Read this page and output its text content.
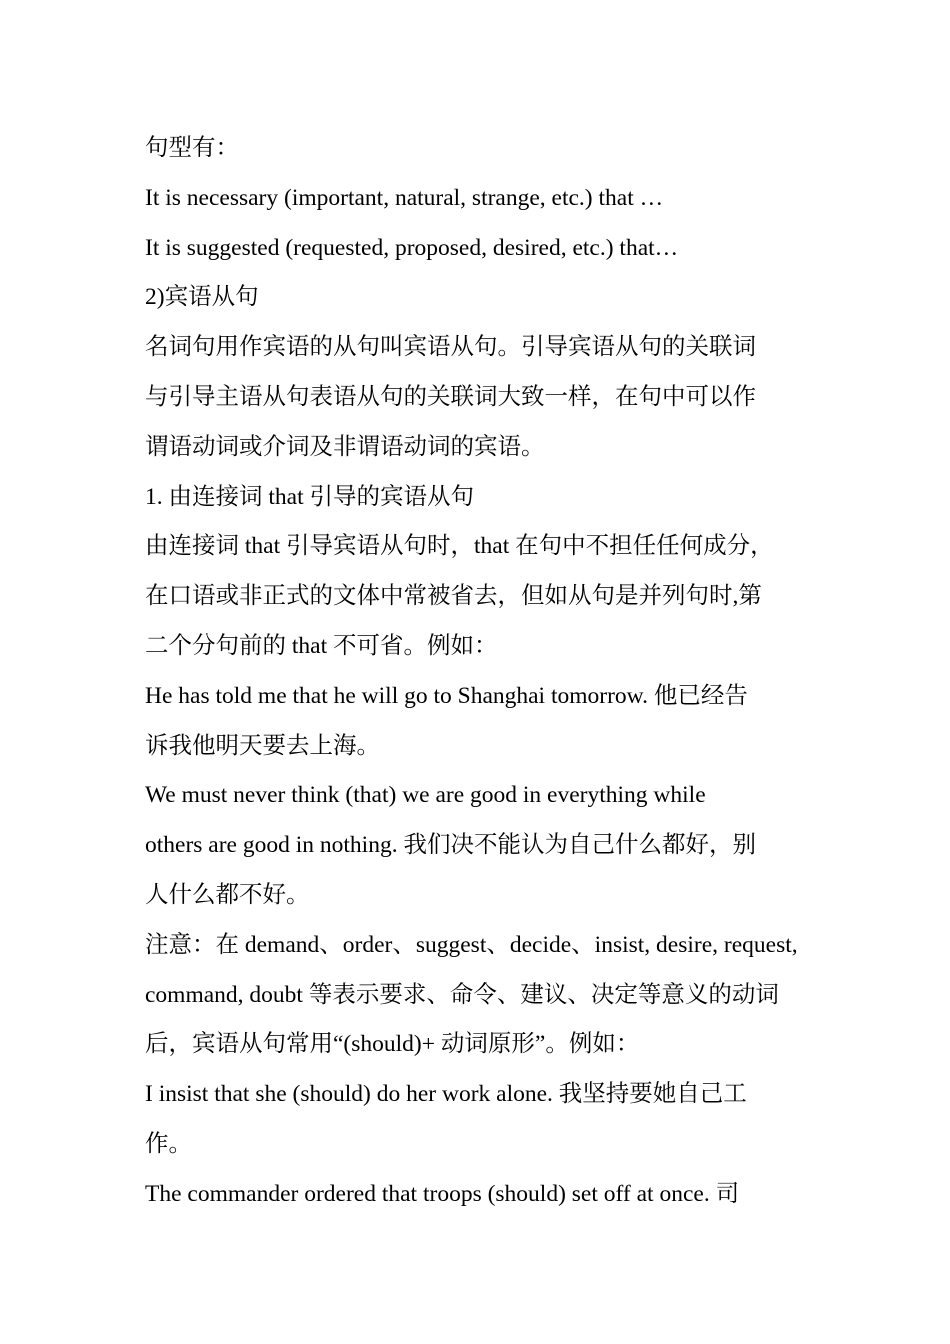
句型有：
It is necessary (important, natural, strange, etc.) that …
It is suggested (requested, proposed, desired, etc.) that…
2)宾语从句
名词句用作宾语的从句叫宾语从句。引导宾语从句的关联词
与引导主语从句表语从句的关联词大致一样，在句中可以作
谓语动词或介词及非谓语动词的宾语。
1. 由连接词 that 引导的宾语从句
由连接词 that 引导宾语从句时，that 在句中不担任任何成分，
在口语或非正式的文体中常被省去，但如从句是并列句时,第
二个分句前的 that 不可省。例如：
He has told me that he will go to Shanghai tomorrow. 他已经告
诉我他明天要去上海。
We must never think (that) we are good in everything while
others are good in nothing. 我们决不能认为自己什么都好，别
人什么都不好。
注意：在 demand、order、suggest、decide、insist, desire, request,
command, doubt 等表示要求、命令、建议、决定等意义的动词
后，宾语从句常用“(should)+ 动词原形”。例如：
I insist that she (should) do her work alone. 我坚持要她自己工
作。
The commander ordered that troops (should) set off at once. 司
